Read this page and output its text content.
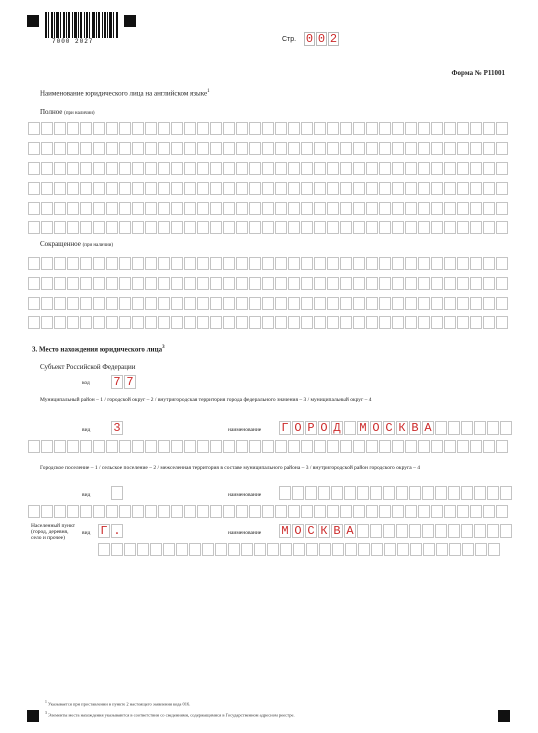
7000 2027	Стр. 0 0 2
Форма № Р11001
Наименование юридического лица на английском языке$^1$
Полное (при наличии)
Сокращенное (при наличии)
3. Место нахождения юридического лица$^3$
Субъект Российской Федерации
код 7 7
Муниципальный район – 1 / городской округ – 2 / внутригородская территория города федерального значения – 3 / муниципальный округ – 4
вид 3	наименование Г О Р О Д М О С К В А
Городское поселение – 1 / сельское поселение – 2 / межселенная территория в составе муниципального района – 3 / внутригородской район городского округа – 4
вид	наименование
Населенный пункт (город, деревня, село и прочее)
вид Г .	наименование М О С К В А
$^1$ Указывается при проставлении в пункте 2 настоящего заявления кода 016.
$^3$ Элементы места нахождения указываются в соответствии со сведениями, содержащимися в Государственном адресном реестре.
